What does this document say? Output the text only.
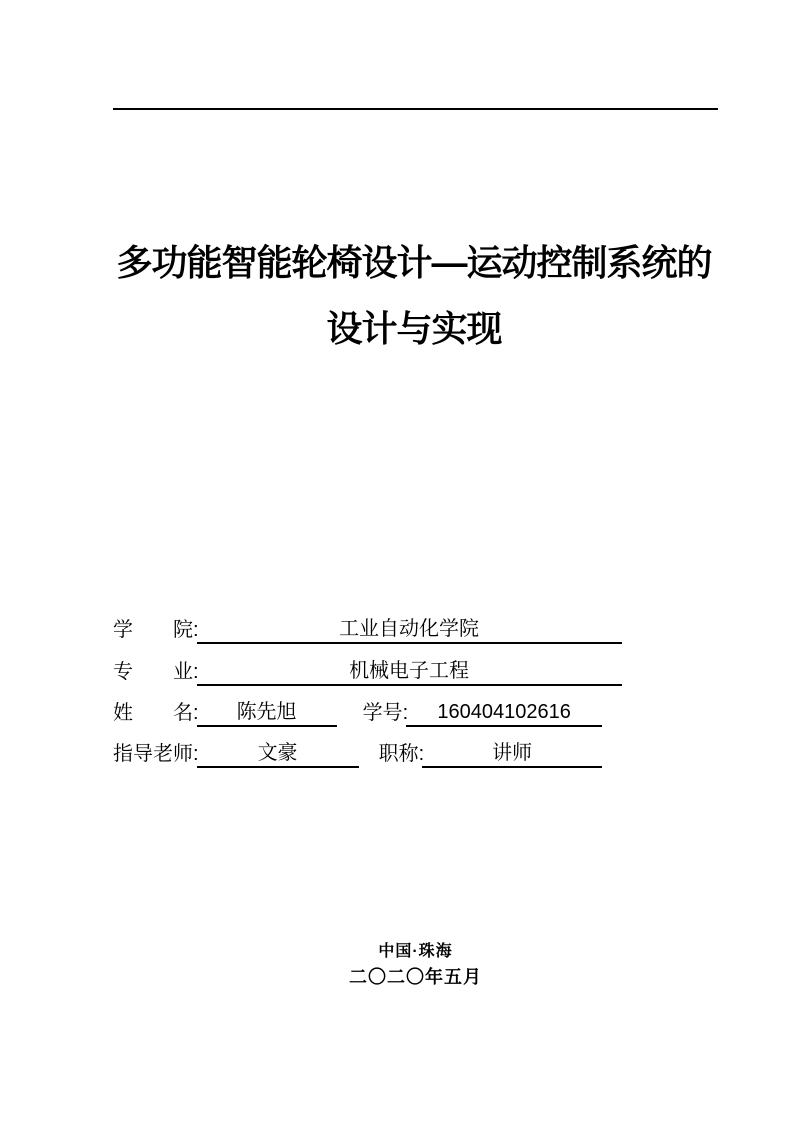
多功能智能轮椅设计—运动控制系统的
设计与实现
学院:	工业自动化学院
专业:	机械电子工程
姓名: 陈先旭	学号: 160404102616
指导老师:	文豪	职称:	讲师
中国·珠海
二〇二〇年五月
